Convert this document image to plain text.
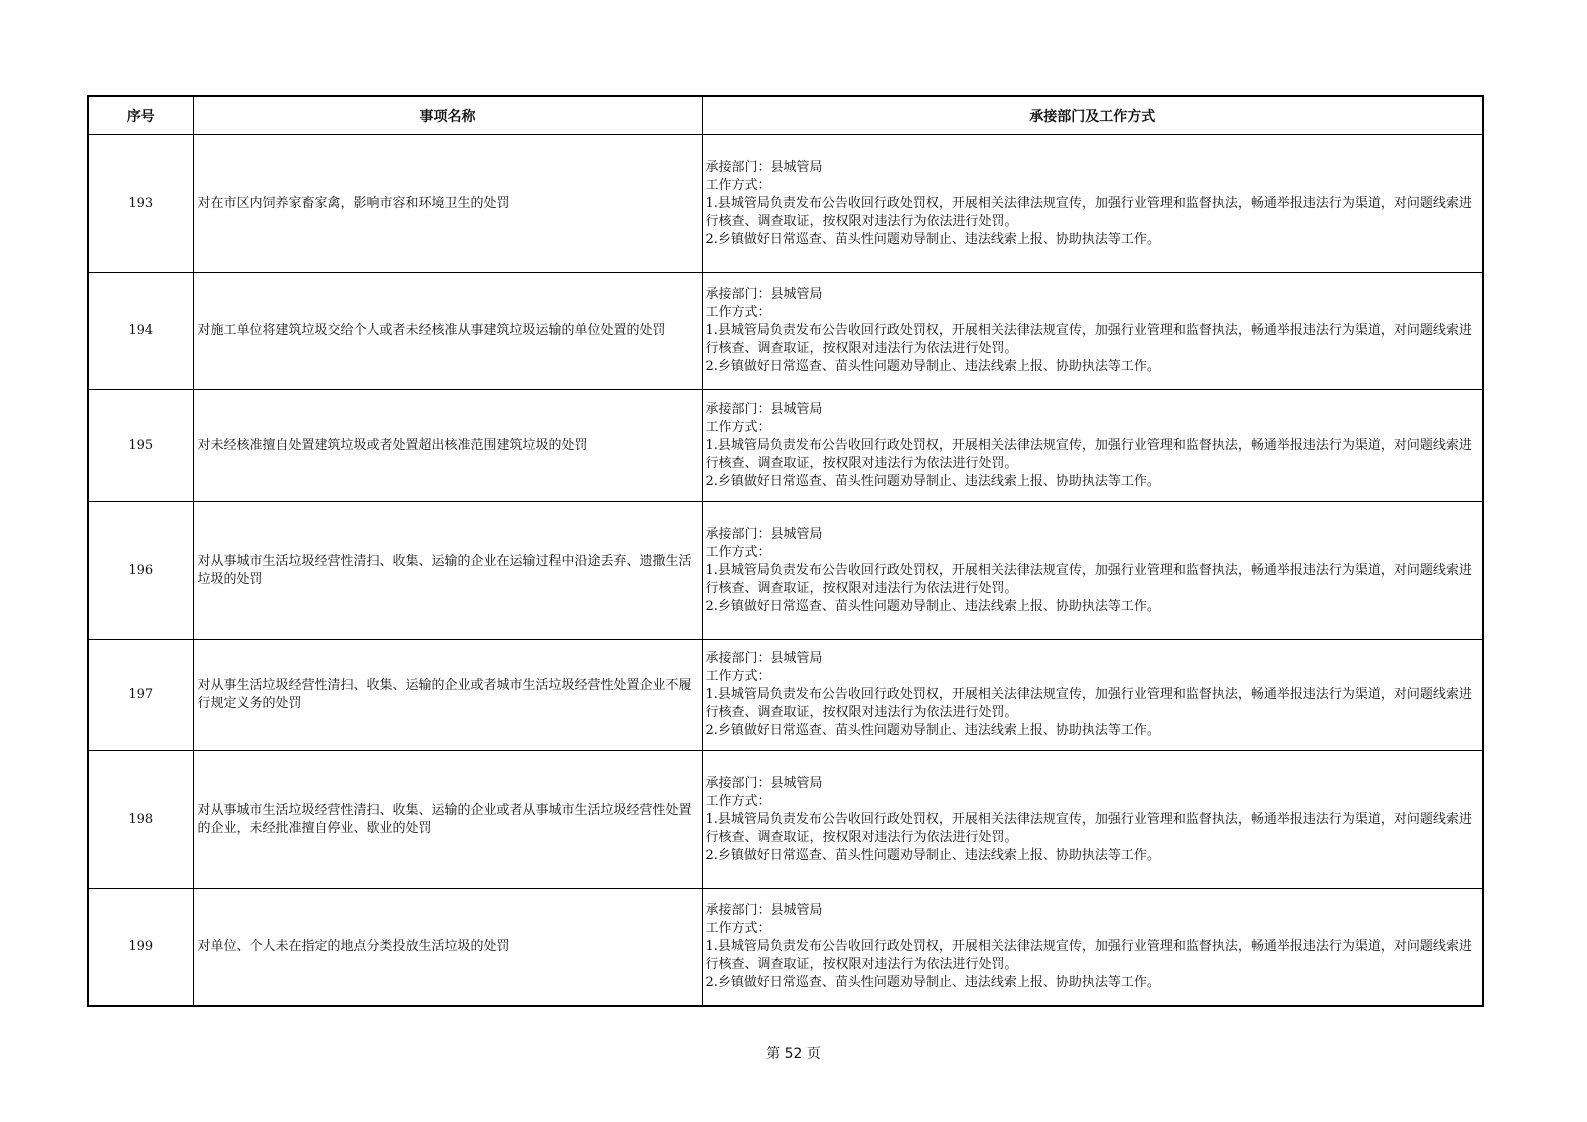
序号	事项名称	承接部门及工作方式
193	对在市区内饲养家畜家禽，影响市容和环境卫生的处罚	承接部门：县城管局
工作方式：
1.县城管局负责发布公告收回行政处罚权，开展相关法律法规宣传，加强行业管理和监督执法，畅通举报违法行为渠道，对问题线索进行核查、调查取证，按权限对违法行为依法进行处罚。
2.乡镇做好日常巡查、苗头性问题劝导制止、违法线索上报、协助执法等工作。

194	对施工单位将建筑垃圾交给个人或者未经核准从事建筑垃圾运输的单位处置的处罚	承接部门：县城管局
工作方式：
1.县城管局负责发布公告收回行政处罚权，开展相关法律法规宣传，加强行业管理和监督执法，畅通举报违法行为渠道，对问题线索进行核查、调查取证，按权限对违法行为依法进行处罚。
2.乡镇做好日常巡查、苗头性问题劝导制止、违法线索上报、协助执法等工作。

195	对未经核准擅自处置建筑垃圾或者处置超出核准范围建筑垃圾的处罚	承接部门：县城管局
工作方式：
1.县城管局负责发布公告收回行政处罚权，开展相关法律法规宣传，加强行业管理和监督执法，畅通举报违法行为渠道，对问题线索进行核查、调查取证，按权限对违法行为依法进行处罚。
2.乡镇做好日常巡查、苗头性问题劝导制止、违法线索上报、协助执法等工作。

196	对从事城市生活垃圾经营性清扫、收集、运输的企业在运输过程中沿途丢弃、遗撒生活垃圾的处罚	承接部门：县城管局
工作方式：
1.县城管局负责发布公告收回行政处罚权，开展相关法律法规宣传，加强行业管理和监督执法，畅通举报违法行为渠道，对问题线索进行核查、调查取证，按权限对违法行为依法进行处罚。
2.乡镇做好日常巡查、苗头性问题劝导制止、违法线索上报、协助执法等工作。

197	对从事生活垃圾经营性清扫、收集、运输的企业或者城市生活垃圾经营性处置企业不履行规定义务的处罚	承接部门：县城管局
工作方式：
1.县城管局负责发布公告收回行政处罚权，开展相关法律法规宣传，加强行业管理和监督执法，畅通举报违法行为渠道，对问题线索进行核查、调查取证，按权限对违法行为依法进行处罚。
2.乡镇做好日常巡查、苗头性问题劝导制止、违法线索上报、协助执法等工作。

198	对从事城市生活垃圾经营性清扫、收集、运输的企业或者从事城市生活垃圾经营性处置的企业，未经批准擅自停业、歇业的处罚	承接部门：县城管局
工作方式：
1.县城管局负责发布公告收回行政处罚权，开展相关法律法规宣传，加强行业管理和监督执法，畅通举报违法行为渠道，对问题线索进行核查、调查取证，按权限对违法行为依法进行处罚。
2.乡镇做好日常巡查、苗头性问题劝导制止、违法线索上报、协助执法等工作。

199	对单位、个人未在指定的地点分类投放生活垃圾的处罚	承接部门：县城管局
工作方式：
1.县城管局负责发布公告收回行政处罚权，开展相关法律法规宣传，加强行业管理和监督执法，畅通举报违法行为渠道，对问题线索进行核查、调查取证，按权限对违法行为依法进行处罚。
2.乡镇做好日常巡查、苗头性问题劝导制止、违法线索上报、协助执法等工作。
第 52 页
